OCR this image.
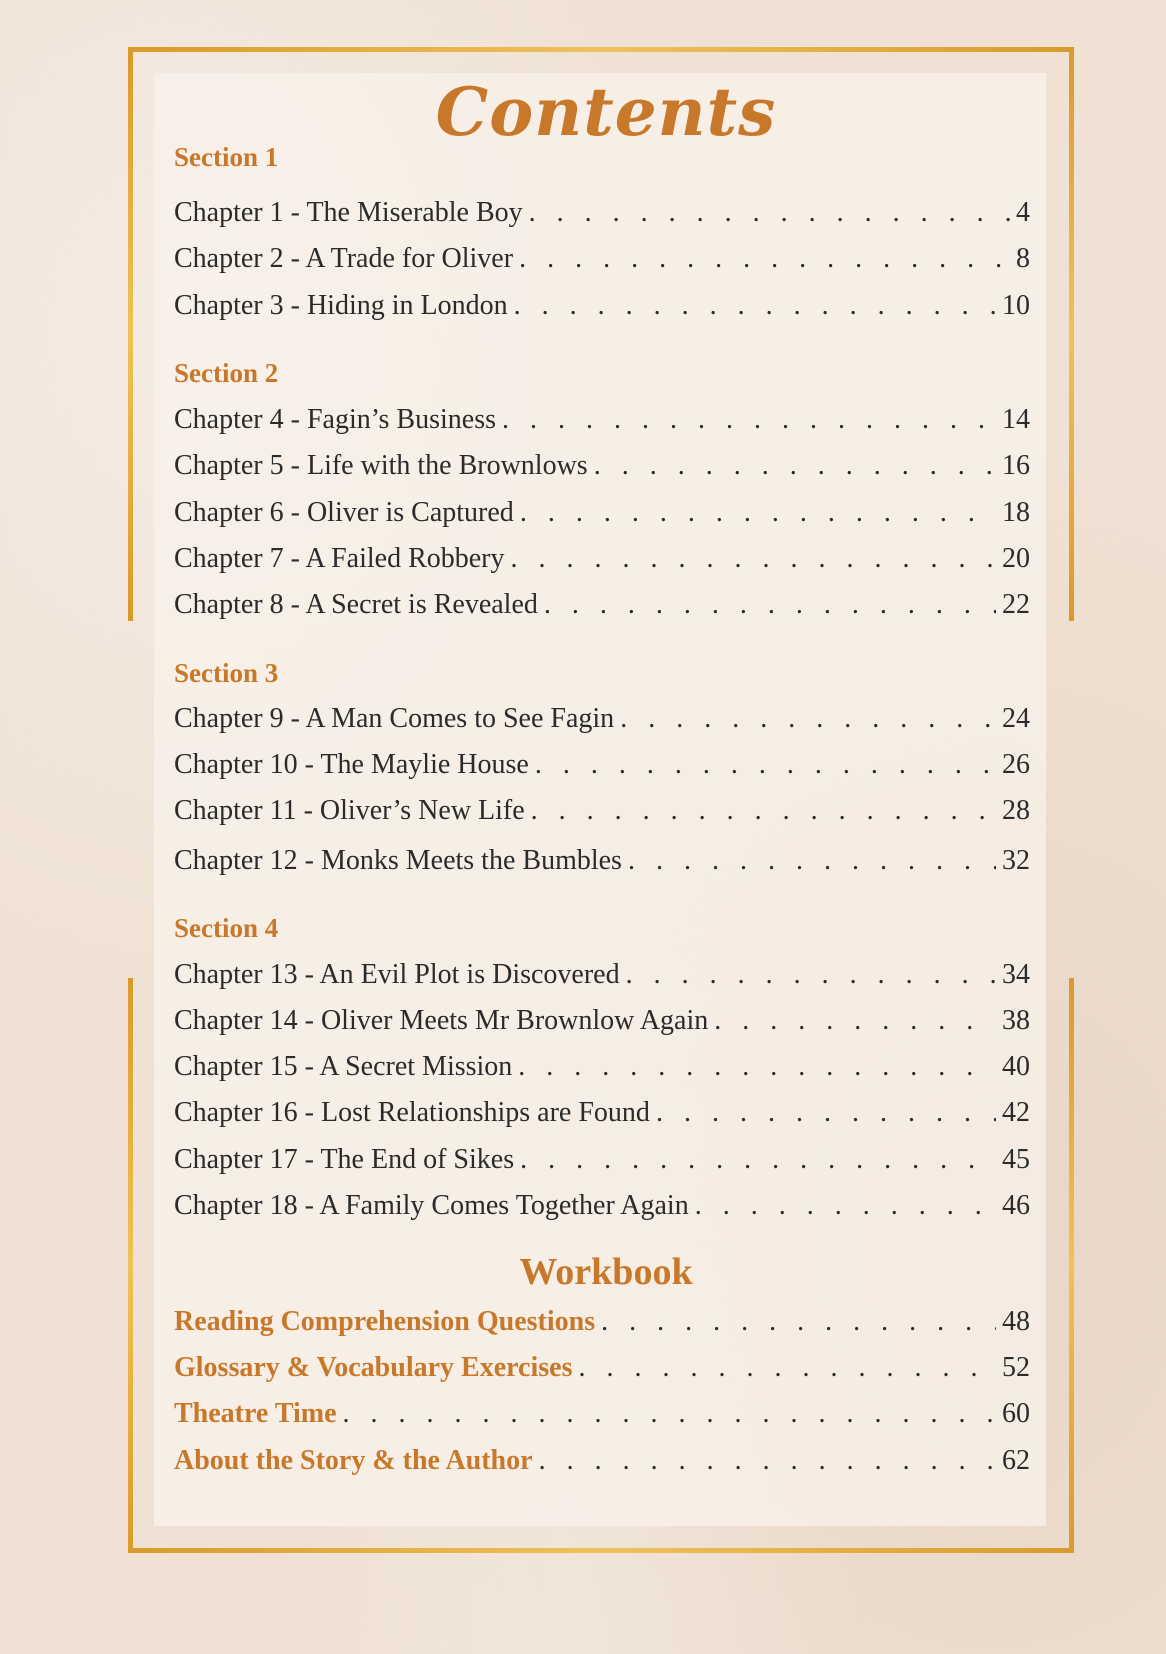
Contents
Section 1
Chapter 1 - The Miserable Boy . . .	4
Chapter 2 - A Trade for Oliver . . .	8
Chapter 3 - Hiding in London . . .	10
Section 2
Chapter 4 - Fagin’s Business . . .	14
Chapter 5 - Life with the Brownlows . . .	16
Chapter 6 - Oliver is Captured . . .	18
Chapter 7 - A Failed Robbery . . .	20
Chapter 8 - A Secret is Revealed . . .	22
Section 3
Chapter 9 - A Man Comes to See Fagin . . .	24
Chapter 10 - The Maylie House . . .	26
Chapter 11 - Oliver’s New Life . . .	28
Chapter 12 - Monks Meets the Bumbles . . .	32
Section 4
Chapter 13 - An Evil Plot is Discovered . . .	34
Chapter 14 - Oliver Meets Mr Brownlow Again . . .	38
Chapter 15 - A Secret Mission . . .	40
Chapter 16 - Lost Relationships are Found . . .	42
Chapter 17 - The End of Sikes . . .	45
Chapter 18 - A Family Comes Together Again . . .	46
Workbook
Reading Comprehension Questions . . .	48
Glossary & Vocabulary Exercises . . .	52
Theatre Time . . .	60
About the Story & the Author . . .	62
